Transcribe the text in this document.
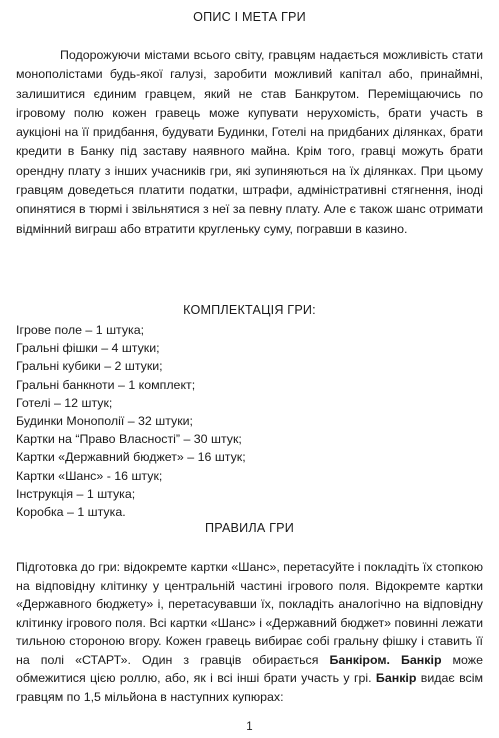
ОПИС І МЕТА ГРИ

Подорожуючи містами всього світу, гравцям надається можливість стати монополістами будь-якої галузі, заробити можливий капітал або, принаймні, залишитися єдиним гравцем, який не став Банкрутом. Переміщаючись по ігровому полю кожен гравець може купувати нерухомість, брати участь в аукціоні на її придбання, будувати Будинки, Готелі на придбаних ділянках, брати кредити в Банку під заставу наявного майна. Крім того, гравці можуть брати орендну плату з інших учасників гри, які зупиняються на їх ділянках. При цьому гравцям доведеться платити податки, штрафи, адміністративні стягнення, іноді опинятися в тюрмі і звільнятися з неї за певну плату. Але є також шанс отримати відмінний виграш або втратити кругленьку суму, погравши в казино.

КОМПЛЕКТАЦІЯ ГРИ:
Ігрове поле – 1 штука;
Гральні фішки – 4 штуки;
Гральні кубики – 2 штуки;
Гральні банкноти – 1 комплект;
Готелі – 12 штук;
Будинки Монополії – 32 штуки;
Картки на “Право Власності” – 30 штук;
Картки «Державний бюджет» – 16 штук;
Картки «Шанс» - 16 штук;
Інструкція – 1 штука;
Коробка – 1 штука.
ПРАВИЛА ГРИ

Підготовка до гри: відокремте картки «Шанс», перетасуйте і покладіть їх стопкою на відповідну клітинку у центральній частині ігрового поля. Відокремте картки «Державного бюджету» і, перетасувавши їх, покладіть аналогічно на відповідну клітинку ігрового поля. Всі картки «Шанс» і «Державний бюджет» повинні лежати тильною стороною вгору. Кожен гравець вибирає собі гральну фішку і ставить її на полі «СТАРТ». Один з гравців обирається Банкіром. Банкір може обмежитися цією роллю, або, як і всі інші брати участь у грі. Банкір видає всім гравцям по 1,5 мільйона в наступних купюрах:

1
